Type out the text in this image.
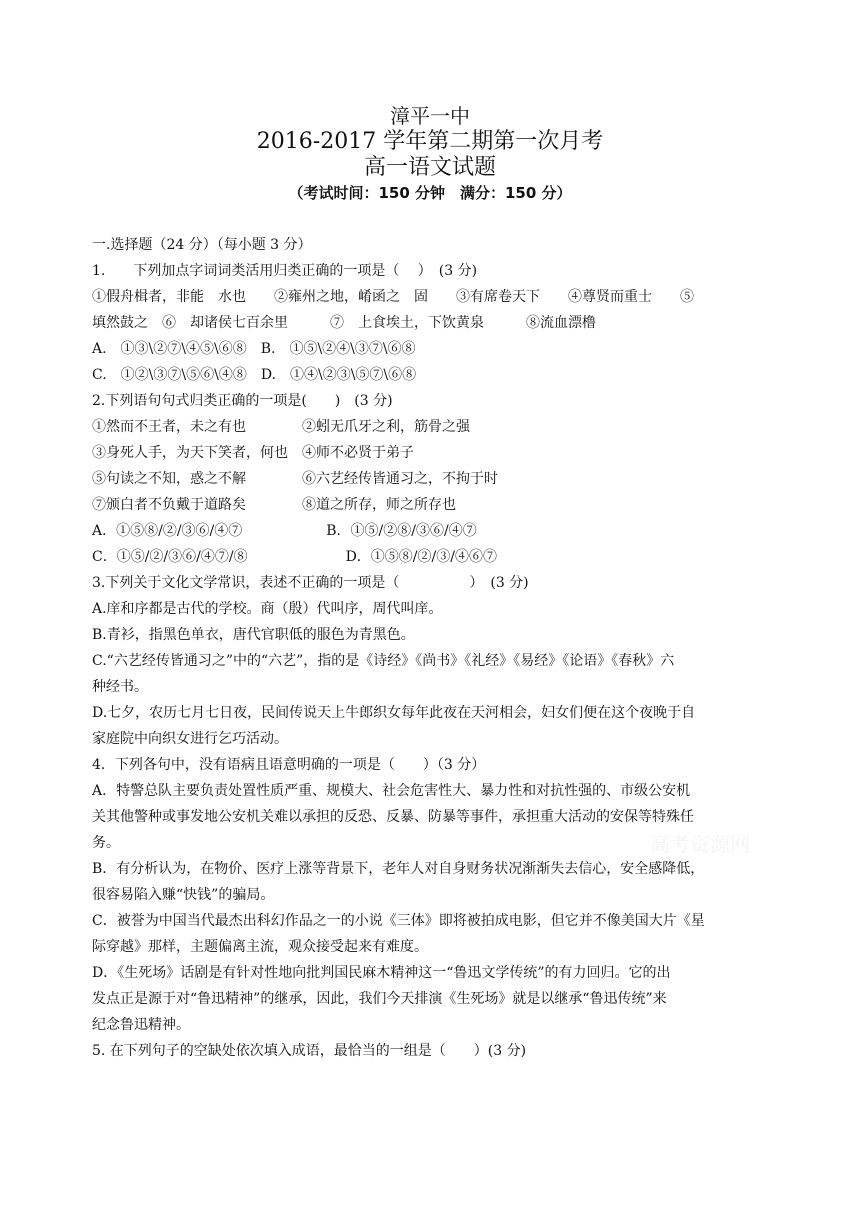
漳平一中
2016-2017 学年第二期第一次月考
高一语文试题
（考试时间：150 分钟　满分：150 分）
一.选择题（24 分）（每小题 3 分）
1.　　下列加点字词词类活用归类正确的一项是（　 ）　(3 分)
①假舟楫者，非能　水也　　②雍州之地，崤函之　固　　③有席卷天下　　④尊贤而重士　　⑤
填然鼓之　⑥　却诸侯七百余里　　　⑦　上食埃土，下饮黄泉　　　⑧流血漂橹
A.　①③\②⑦\④⑤\⑥⑧　B.　①⑤\②④\③⑦\⑥⑧
C.　①②\③⑦\⑤⑥\④⑧　D.　①④\②③\⑤⑦\⑥⑧
2.下列语句句式归类正确的一项是(　　)　(3 分)
①然而不王者，未之有也　　　　②蚓无爪牙之利，筋骨之强
③身死人手，为天下笑者，何也　④师不必贤于弟子
⑤句读之不知，惑之不解　　　　⑥六艺经传皆通习之，不拘于时
⑦颁白者不负戴于道路矣　　　　⑧道之所存，师之所存也
A．①⑤⑧/②/③⑥/④⑦　　　　　　B．①⑤/②⑧/③⑥/④⑦
C．①⑤/②/③⑥/④⑦/⑧　　　　　　　D．①⑤⑧/②/③/④⑥⑦
3.下列关于文化文学常识，表述不正确的一项是（　　　　　）　(3 分)
A.庠和序都是古代的学校。商（殷）代叫序，周代叫庠。
B.青衫，指黑色单衣，唐代官职低的服色为青黑色。
C.“六艺经传皆通习之”中的“六艺”，指的是《诗经》《尚书》《礼经》《易经》《论语》《春秋》六
种经书。
D.七夕，农历七月七日夜，民间传说天上牛郎织女每年此夜在天河相会，妇女们便在这个夜晚于自
家庭院中向织女进行乞巧活动。
4．下列各句中，没有语病且语意明确的一项是（　　）（3 分）
A．特警总队主要负责处置性质严重、规模大、社会危害性大、暴力性和对抗性强的、市级公安机
关其他警种或事发地公安机关难以承担的反恐、反暴、防暴等事件，承担重大活动的安保等特殊任
务。
B．有分析认为，在物价、医疗上涨等背景下，老年人对自身财务状况渐渐失去信心，安全感降低，
很容易陷入赚“快钱”的骗局。
C．被誉为中国当代最杰出科幻作品之一的小说《三体》即将被拍成电影，但它并不像美国大片《星
际穿越》那样，主题偏离主流，观众接受起来有难度。
D．《生死场》话剧是有针对性地向批判国民麻木精神这一“鲁迅文学传统”的有力回归。它的出
发点正是源于对“鲁迅精神”的继承，因此，我们今天排演《生死场》就是以继承“鲁迅传统”来
纪念鲁迅精神。
5. 在下列句子的空缺处依次填入成语，最恰当的一组是（　　）(3 分)
高考资源网
